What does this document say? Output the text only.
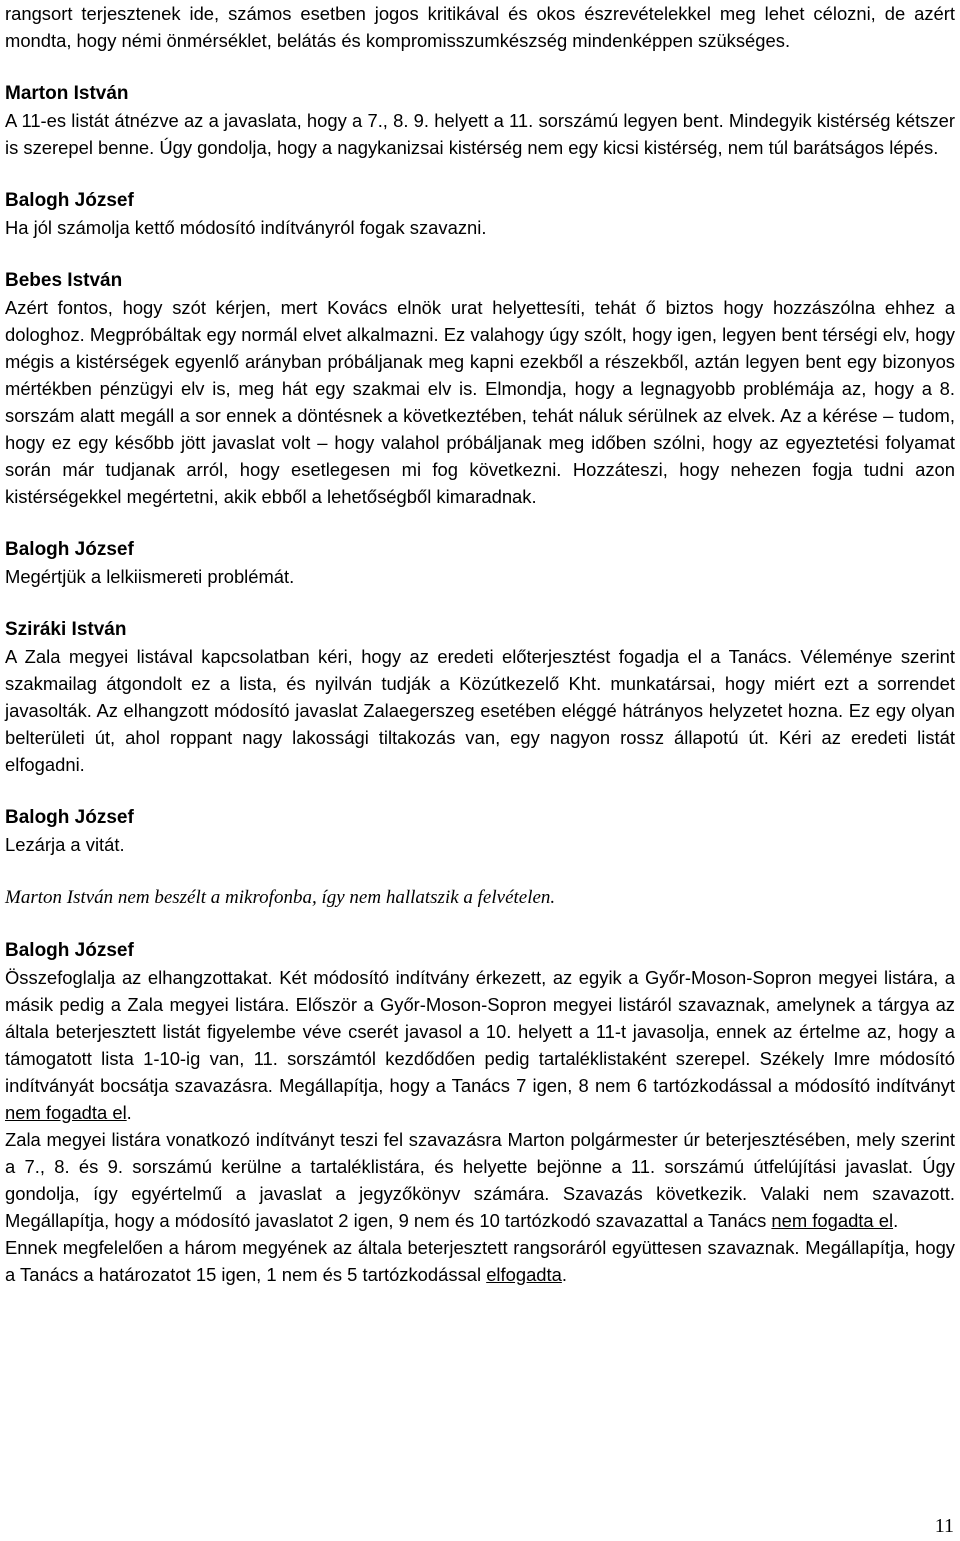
rangsort terjesztenek ide, számos esetben jogos kritikával és okos észrevételekkel meg lehet célozni, de azért mondta, hogy némi önmérséklet, belátás és kompromisszumkészség mindenképpen szükséges.

Marton István

A 11-es listát átnézve az a javaslata, hogy a 7., 8. 9. helyett a 11. sorszámú legyen bent. Mindegyik kistérség kétszer is szerepel benne. Úgy gondolja, hogy a nagykanizsai kistérség nem egy kicsi kistérség, nem túl barátságos lépés.

Balogh József

Ha jól számolja kettő módosító indítványról fogak szavazni.

Bebes István

Azért fontos, hogy szót kérjen, mert Kovács elnök urat helyettesíti, tehát ő biztos hogy hozzászólna ehhez a dologhoz. Megpróbáltak egy normál elvet alkalmazni. Ez valahogy úgy szólt, hogy igen, legyen bent térségi elv, hogy mégis a kistérségek egyenlő arányban próbáljanak meg kapni ezekből a részekből, aztán legyen bent egy bizonyos mértékben pénzügyi elv is, meg hát egy szakmai elv is. Elmondja, hogy a legnagyobb problémája az, hogy a 8. sorszám alatt megáll a sor ennek a döntésnek a következtében, tehát náluk sérülnek az elvek. Az a kérése – tudom, hogy ez egy később jött javaslat volt – hogy valahol próbáljanak meg időben szólni, hogy az egyeztetési folyamat során már tudjanak arról, hogy esetlegesen mi fog következni. Hozzáteszi, hogy nehezen fogja tudni azon kistérségekkel megértetni, akik ebből a lehetőségből kimaradnak.

Balogh József

Megértjük a lelkiismereti problémát.

Sziráki István

A Zala megyei listával kapcsolatban kéri, hogy az eredeti előterjesztést fogadja el a Tanács. Véleménye szerint szakmailag átgondolt ez a lista, és nyilván tudják a Közútkezelő Kht. munkatársai, hogy miért ezt a sorrendet javasolták. Az elhangzott módosító javaslat Zalaegerszeg esetében eléggé hátrányos helyzetet hozna. Ez egy olyan belterületi út, ahol roppant nagy lakossági tiltakozás van, egy nagyon rossz állapotú út. Kéri az eredeti listát elfogadni.

Balogh József

Lezárja a vitát.

Marton István nem beszélt a mikrofonba, így nem hallatszik a felvételen.

Balogh József

Összefoglalja az elhangzottakat. Két módosító indítvány érkezett, az egyik a Győr-Moson-Sopron megyei listára, a másik pedig a Zala megyei listára. Először a Győr-Moson-Sopron megyei listáról szavaznak, amelynek a tárgya az általa beterjesztett listát figyelembe véve cserét javasol a 10. helyett a 11-t javasolja, ennek az értelme az, hogy a támogatott lista 1-10-ig van, 11. sorszámtól kezdődően pedig tartaléklistaként szerepel. Székely Imre módosító indítványát bocsátja szavazásra. Megállapítja, hogy a Tanács 7 igen, 8 nem 6 tartózkodással a módosító indítványt nem fogadta el.

Zala megyei listára vonatkozó indítványt teszi fel szavazásra Marton polgármester úr beterjesztésében, mely szerint a 7., 8. és 9. sorszámú kerülne a tartaléklistára, és helyette bejönne a 11. sorszámú útfelújítási javaslat. Úgy gondolja, így egyértelmű a javaslat a jegyzőkönyv számára. Szavazás következik. Valaki nem szavazott. Megállapítja, hogy a módosító javaslatot 2 igen, 9 nem és 10 tartózkodó szavazattal a Tanács nem fogadta el.

Ennek megfelelően a három megyének az általa beterjesztett rangsoráról együttesen szavaznak. Megállapítja, hogy a Tanács a határozatot 15 igen, 1 nem és 5 tartózkodással elfogadta.

11
